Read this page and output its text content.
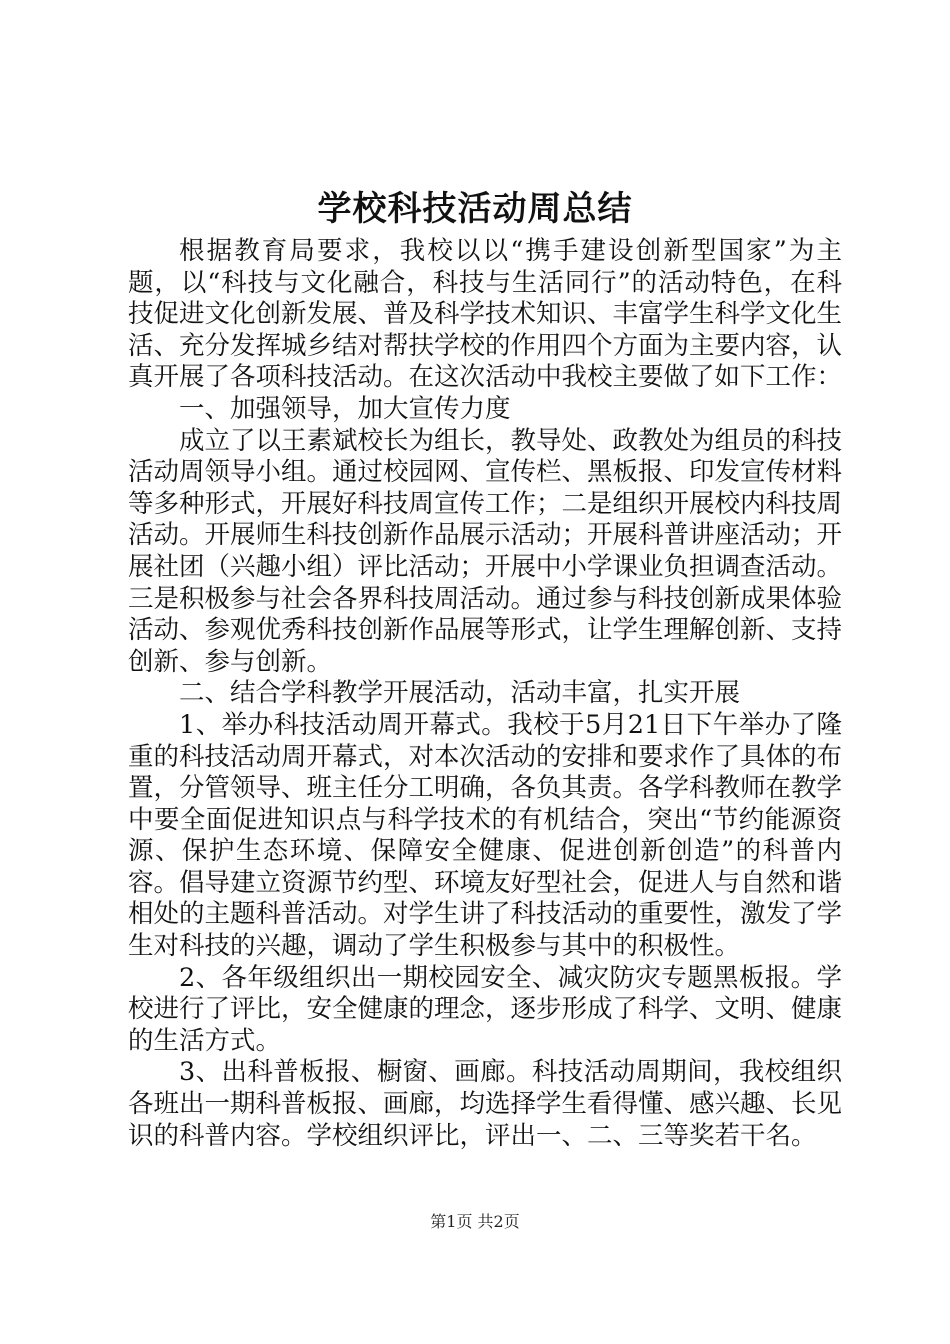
学校科技活动周总结

根据教育局要求，我校以以“携手建设创新型国家”为主题，以“科技与文化融合，科技与生活同行”的活动特色，在科技促进文化创新发展、普及科学技术知识、丰富学生科学文化生活、充分发挥城乡结对帮扶学校的作用四个方面为主要内容，认真开展了各项科技活动。在这次活动中我校主要做了如下工作：

一、加强领导，加大宣传力度

成立了以王素斌校长为组长，教导处、政教处为组员的科技活动周领导小组。通过校园网、宣传栏、黑板报、印发宣传材料等多种形式，开展好科技周宣传工作；二是组织开展校内科技周活动。开展师生科技创新作品展示活动；开展科普讲座活动；开展社团（兴趣小组）评比活动；开展中小学课业负担调查活动。三是积极参与社会各界科技周活动。通过参与科技创新成果体验活动、参观优秀科技创新作品展等形式，让学生理解创新、支持创新、参与创新。

二、结合学科教学开展活动，活动丰富，扎实开展

1、举办科技活动周开幕式。我校于5月21日下午举办了隆重的科技活动周开幕式，对本次活动的安排和要求作了具体的布置，分管领导、班主任分工明确，各负其责。各学科教师在教学中要全面促进知识点与科学技术的有机结合，突出“节约能源资源、保护生态环境、保障安全健康、促进创新创造”的科普内容。倡导建立资源节约型、环境友好型社会，促进人与自然和谐相处的主题科普活动。对学生讲了科技活动的重要性，激发了学生对科技的兴趣，调动了学生积极参与其中的积极性。

2、各年级组织出一期校园安全、减灾防灾专题黑板报。学校进行了评比，安全健康的理念，逐步形成了科学、文明、健康的生活方式。

3、出科普板报、橱窗、画廊。科技活动周期间，我校组织各班出一期科普板报、画廊，均选择学生看得懂、感兴趣、长见识的科普内容。学校组织评比，评出一、二、三等奖若干名。

第1页 共2页
